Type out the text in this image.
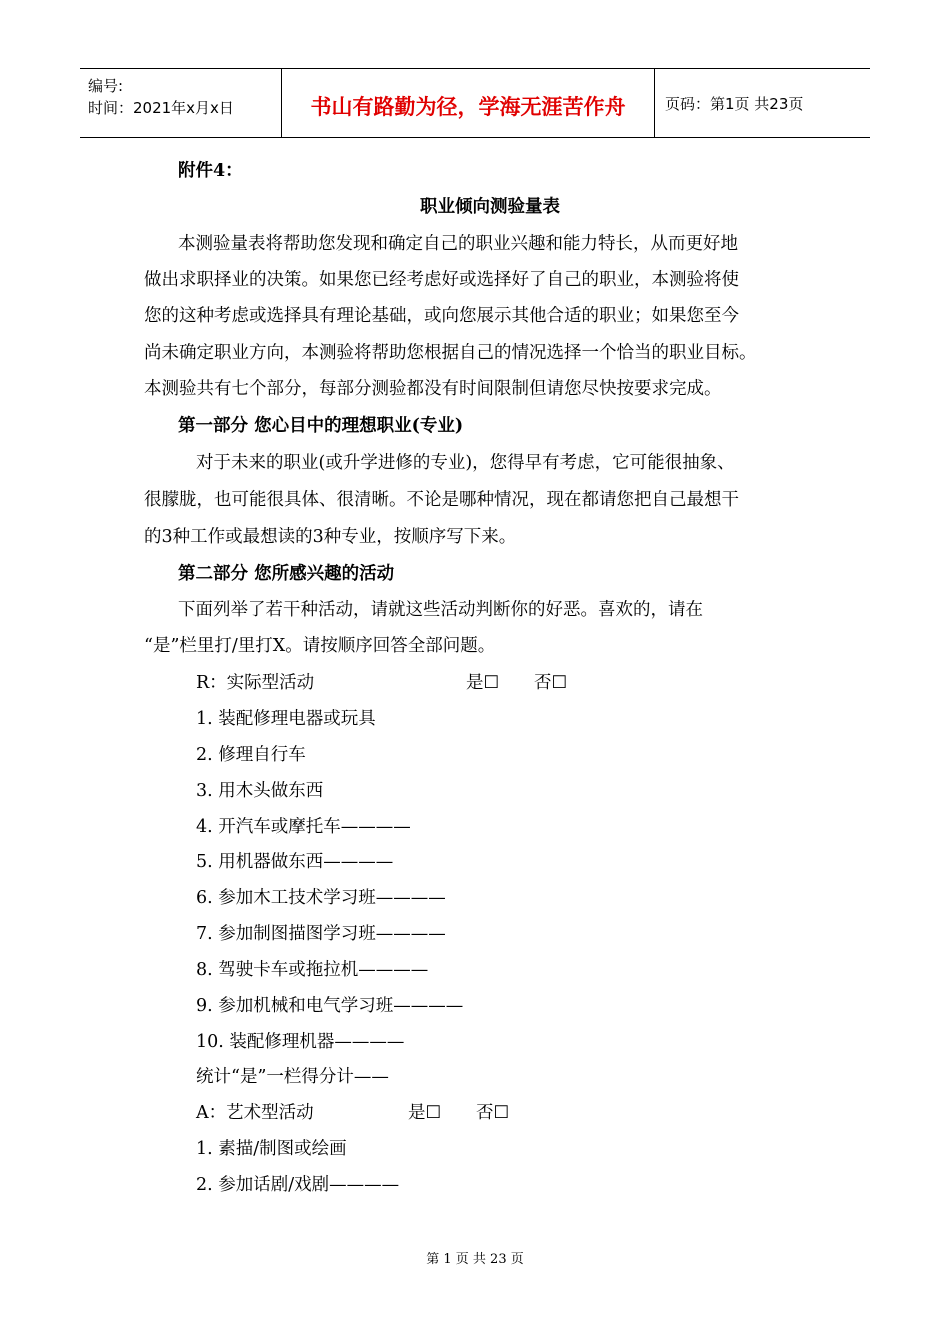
编号:
时间：2021年x月x日	书山有路勤为径，学海无涯苦作舟	页码：第1页 共23页
附件4：
职业倾向测验量表
本测验量表将帮助您发现和确定自己的职业兴趣和能力特长，从而更好地
做出求职择业的决策。如果您已经考虑好或选择好了自己的职业，本测验将使
您的这种考虑或选择具有理论基础，或向您展示其他合适的职业；如果您至今
尚未确定职业方向，本测验将帮助您根据自己的情况选择一个恰当的职业目标。
本测验共有七个部分，每部分测验都没有时间限制但请您尽快按要求完成。
第一部分 您心目中的理想职业(专业)
对于未来的职业(或升学进修的专业)，您得早有考虑，它可能很抽象、
很朦胧，也可能很具体、很清晰。不论是哪种情况，现在都请您把自己最想干
的3种工作或最想读的3种专业，按顺序写下来。
第二部分 您所感兴趣的活动
下面列举了若干种活动，请就这些活动判断你的好恶。喜欢的，请在
“是”栏里打/里打X。请按顺序回答全部问题。
R：实际型活动	是☐ 否☐
1. 装配修理电器或玩具
2. 修理自行车
3. 用木头做东西
4. 开汽车或摩托车————
5. 用机器做东西————
6. 参加木工技术学习班————
7. 参加制图描图学习班————
8. 驾驶卡车或拖拉机————
9. 参加机械和电气学习班————
10. 装配修理机器————
统计“是”一栏得分计——
A：艺术型活动	是☐ 否☐
1. 素描/制图或绘画
2. 参加话剧/戏剧————
第 1 页 共 23 页
